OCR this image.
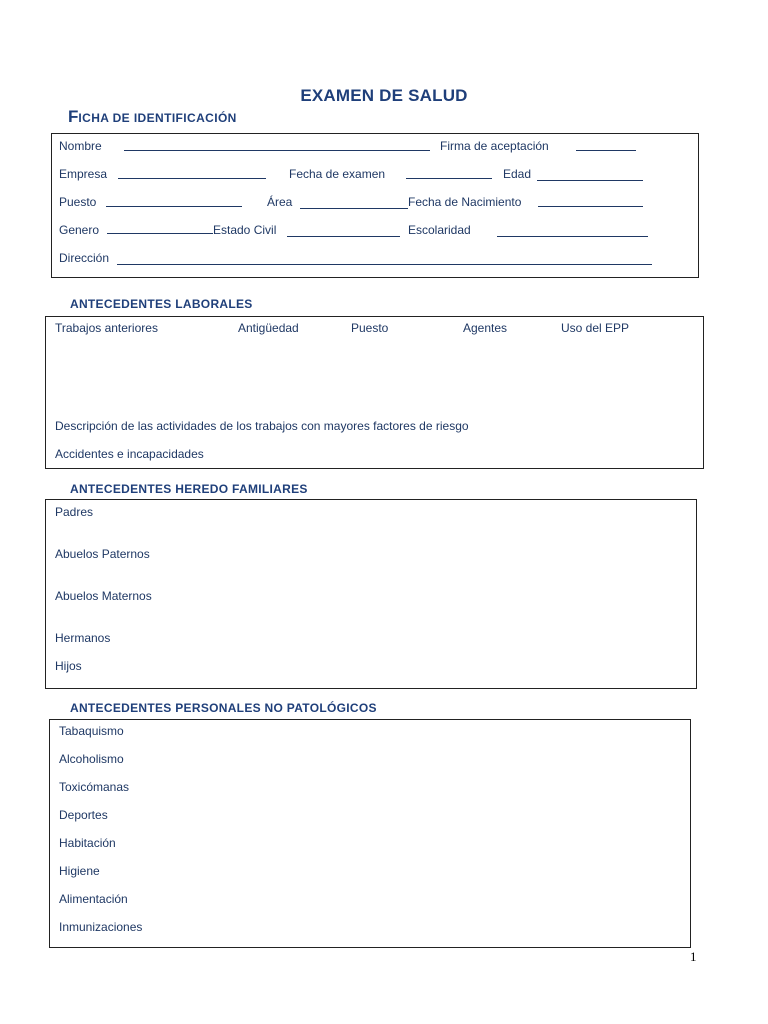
EXAMEN DE SALUD
FICHA DE IDENTIFICACIÓN
Nombre	Firma de aceptación
Empresa	Fecha de examen	Edad
Puesto	Área	Fecha de Nacimiento
Genero	Estado Civil	Escolaridad
Dirección
ANTECEDENTES LABORALES
Trabajos anteriores	Antigüedad	Puesto	Agentes	Uso del EPP
Descripción de las actividades de los trabajos con mayores factores de riesgo
Accidentes e incapacidades
ANTECEDENTES HEREDO FAMILIARES
Padres
Abuelos Paternos
Abuelos Maternos
Hermanos
Hijos
ANTECEDENTES PERSONALES NO PATOLÓGICOS
Tabaquismo
Alcoholismo
Toxicómanas
Deportes
Habitación
Higiene
Alimentación
Inmunizaciones
1
